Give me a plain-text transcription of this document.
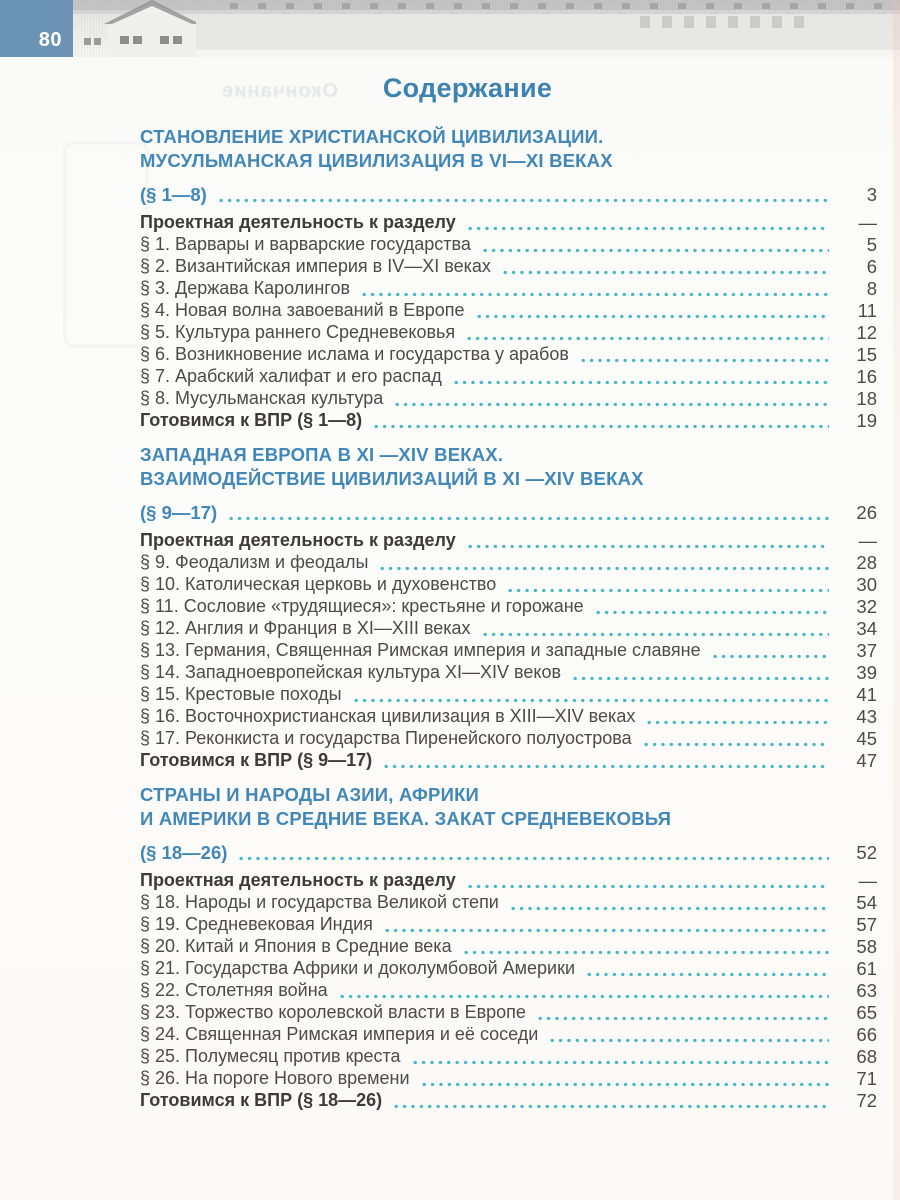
80
Окончание	Содержание
СТАНОВЛЕНИЕ ХРИСТИАНСКОЙ ЦИВИЛИЗАЦИИ.
МУСУЛЬМАНСКАЯ ЦИВИЛИЗАЦИЯ В VI—XI ВЕКАХ
(§ 1—8)	3
Проектная деятельность к разделу	—
§ 1. Варвары и варварские государства	5
§ 2. Византийская империя в IV—XI веках	6
§ 3. Держава Каролингов	8
§ 4. Новая волна завоеваний в Европе	11
§ 5. Культура раннего Средневековья	12
§ 6. Возникновение ислама и государства у арабов	15
§ 7. Арабский халифат и его распад	16
§ 8. Мусульманская культура	18
Готовимся к ВПР (§ 1—8)	19
ЗАПАДНАЯ ЕВРОПА В XI —XIV ВЕКАХ.
ВЗАИМОДЕЙСТВИЕ ЦИВИЛИЗАЦИЙ В XI —XIV ВЕКАХ
(§ 9—17)	26
Проектная деятельность к разделу	—
§ 9. Феодализм и феодалы	28
§ 10. Католическая церковь и духовенство	30
§ 11. Сословие «трудящиеся»: крестьяне и горожане	32
§ 12. Англия и Франция в XI—XIII веках	34
§ 13. Германия, Священная Римская империя и западные славяне	37
§ 14. Западноевропейская культура XI—XIV веков	39
§ 15. Крестовые походы	41
§ 16. Восточнохристианская цивилизация в XIII—XIV веках	43
§ 17. Реконкиста и государства Пиренейского полуострова	45
Готовимся к ВПР (§ 9—17)	47
СТРАНЫ И НАРОДЫ АЗИИ, АФРИКИ
И АМЕРИКИ В СРЕДНИЕ ВЕКА. ЗАКАТ СРЕДНЕВЕКОВЬЯ
(§ 18—26)	52
Проектная деятельность к разделу	—
§ 18. Народы и государства Великой степи	54
§ 19. Средневековая Индия	57
§ 20. Китай и Япония в Средние века	58
§ 21. Государства Африки и доколумбовой Америки	61
§ 22. Столетняя война	63
§ 23. Торжество королевской власти в Европе	65
§ 24. Священная Римская империя и её соседи	66
§ 25. Полумесяц против креста	68
§ 26. На пороге Нового времени	71
Готовимся к ВПР (§ 18—26)	72
